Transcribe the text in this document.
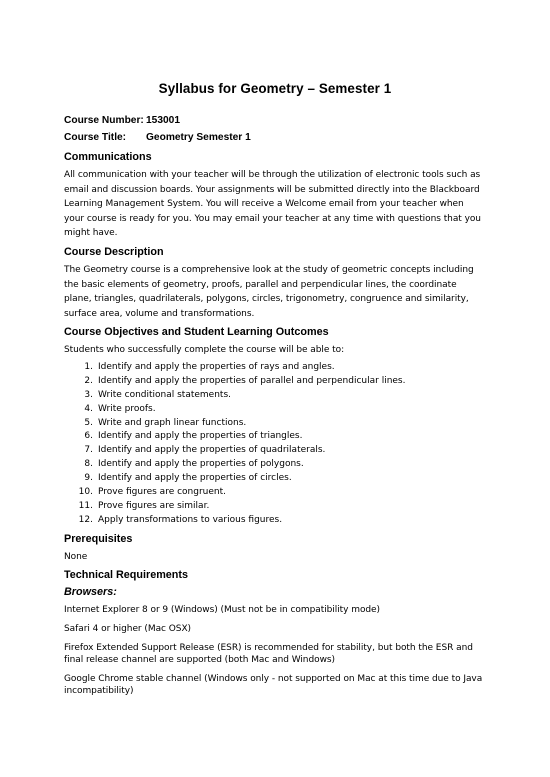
Syllabus for Geometry – Semester 1
Course Number: 153001
Course Title:	Geometry Semester 1
Communications

All communication with your teacher will be through the utilization of electronic tools such as email and discussion boards. Your assignments will be submitted directly into the Blackboard Learning Management System. You will receive a Welcome email from your teacher when your course is ready for you. You may email your teacher at any time with questions that you might have.

Course Description

The Geometry course is a comprehensive look at the study of geometric concepts including the basic elements of geometry, proofs, parallel and perpendicular lines, the coordinate plane, triangles, quadrilaterals, polygons, circles, trigonometry, congruence and similarity, surface area, volume and transformations.

Course Objectives and Student Learning Outcomes

Students who successfully complete the course will be able to:

1. Identify and apply the properties of rays and angles.
2. Identify and apply the properties of parallel and perpendicular lines.
3. Write conditional statements.
4. Write proofs.
5. Write and graph linear functions.
6. Identify and apply the properties of triangles.
7. Identify and apply the properties of quadrilaterals.
8. Identify and apply the properties of polygons.
9. Identify and apply the properties of circles.
10. Prove figures are congruent.
11. Prove figures are similar.
12. Apply transformations to various figures.
Prerequisites

None

Technical Requirements
Browsers:

Internet Explorer 8 or 9 (Windows) (Must not be in compatibility mode)

Safari 4 or higher (Mac OSX)

Firefox Extended Support Release (ESR) is recommended for stability, but both the ESR and final release channel are supported (both Mac and Windows)

Google Chrome stable channel (Windows only - not supported on Mac at this time due to Java incompatibility)
